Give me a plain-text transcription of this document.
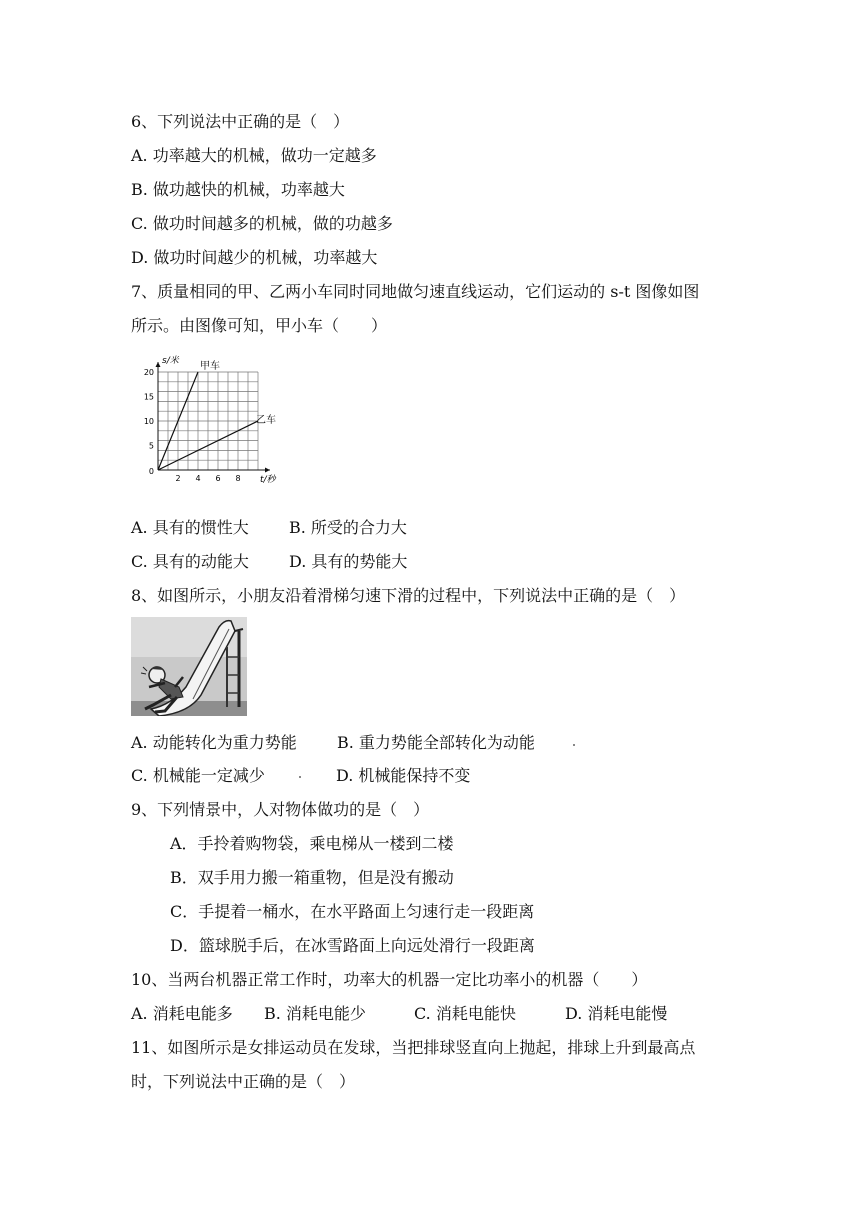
6、下列说法中正确的是（　）
A. 功率越大的机械，做功一定越多
B. 做功越快的机械，功率越大
C. 做功时间越多的机械，做的功越多
D. 做功时间越少的机械，功率越大
7、质量相同的甲、乙两小车同时同地做匀速直线运动，它们运动的 s-t 图像如图
所示。由图像可知，甲小车（　　）
2 4 6 8
5
10
15
20
0
s/米
t/秒
甲车
乙车
A. 具有的惯性大	B. 所受的合力大
C. 具有的动能大	D. 具有的势能大
8、如图所示，小朋友沿着滑梯匀速下滑的过程中，下列说法中正确的是（　）
A. 动能转化为重力势能	B. 重力势能全部转化为动能
C. 机械能一定减少	D. 机械能保持不变
9、下列情景中，人对物体做功的是（　）
A．手拎着购物袋，乘电梯从一楼到二楼
B．双手用力搬一箱重物，但是没有搬动
C．手提着一桶水，在水平路面上匀速行走一段距离
D．篮球脱手后，在冰雪路面上向远处滑行一段距离
10、当两台机器正常工作时，功率大的机器一定比功率小的机器（　　）
A. 消耗电能多 B. 消耗电能少	C. 消耗电能快	D. 消耗电能慢
11、如图所示是女排运动员在发球，当把排球竖直向上抛起，排球上升到最高点
时，下列说法中正确的是（　）
